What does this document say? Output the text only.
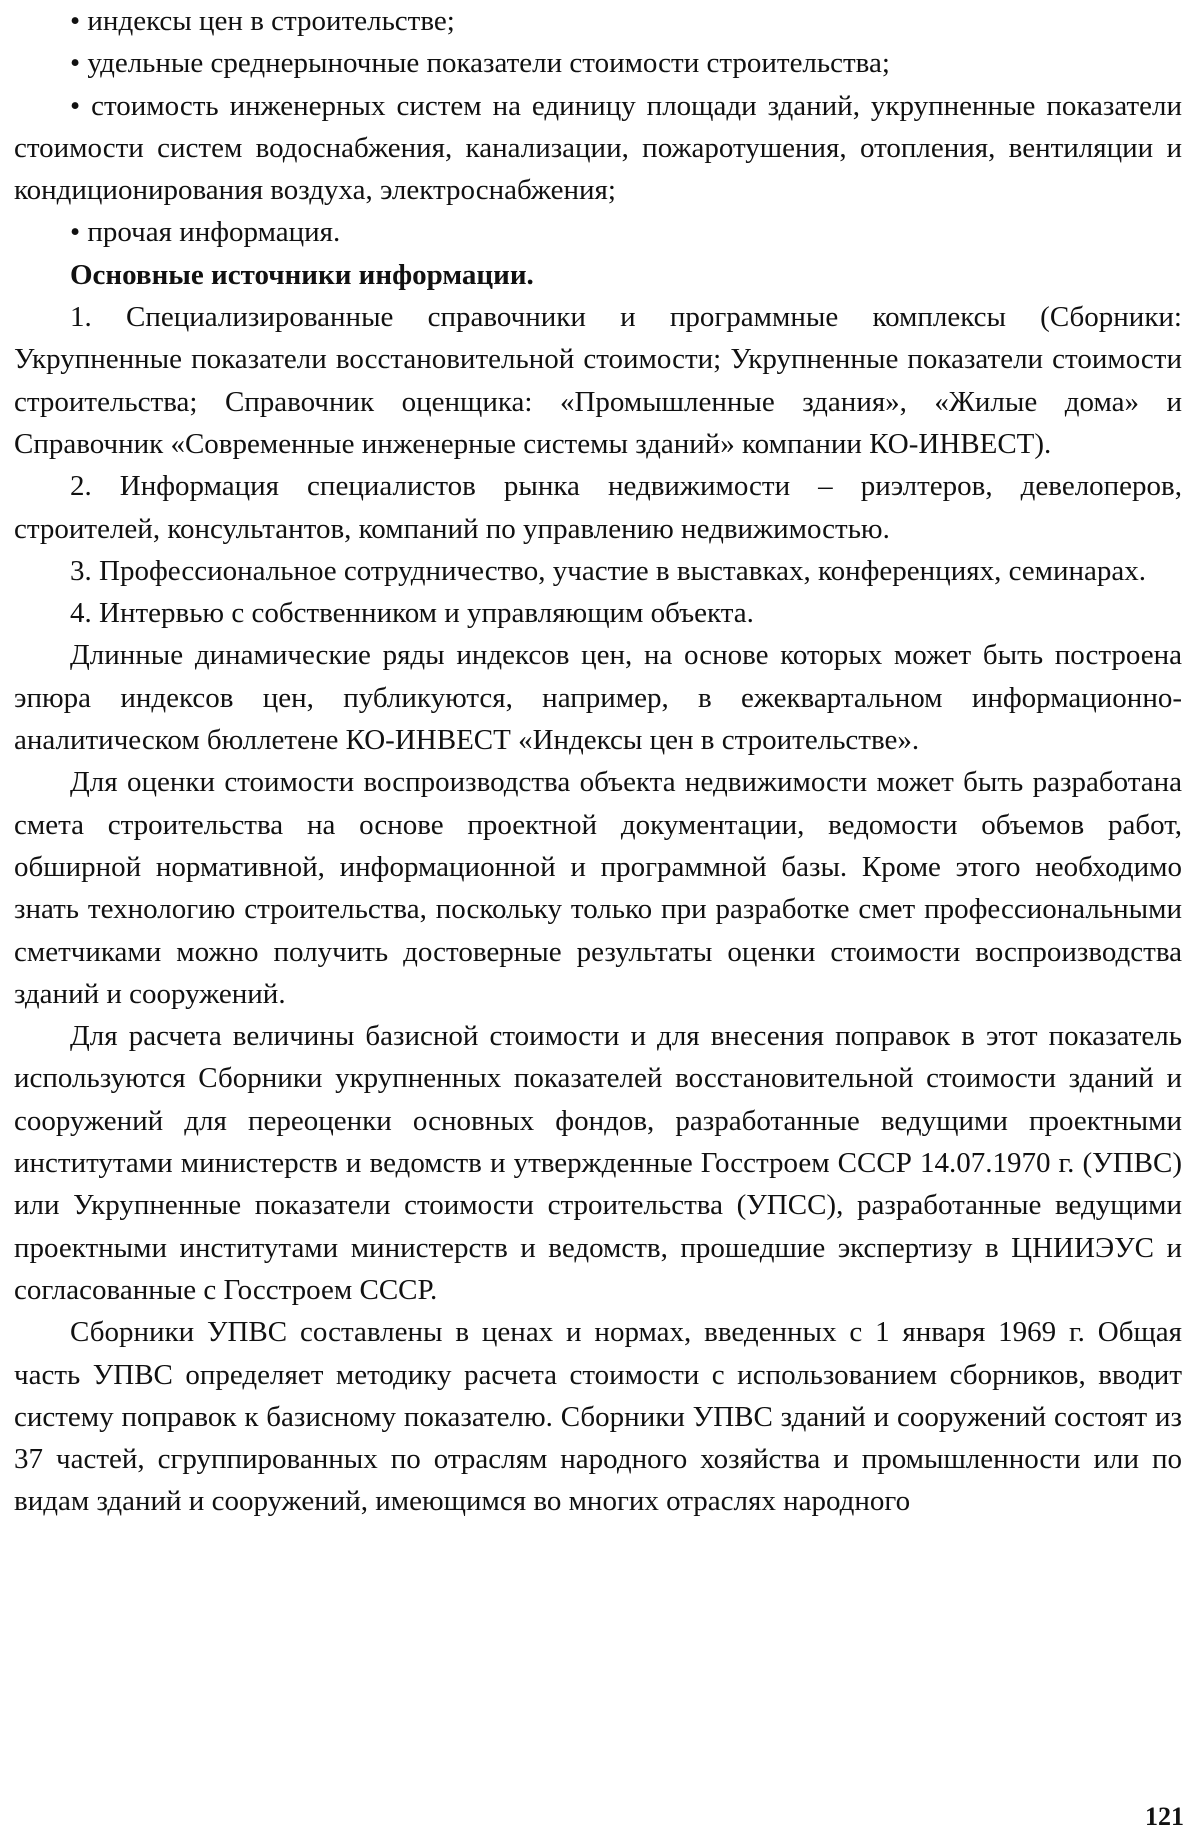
• индексы цен в строительстве;

• удельные среднерыночные показатели стоимости строительства;

• стоимость инженерных систем на единицу площади зданий, укрупненные показатели стоимости систем водоснабжения, канализации, пожаротушения, отопления, вентиляции и кондиционирования воздуха, электроснабжения;

• прочая информация.

Основные источники информации.

1. Специализированные справочники и программные комплексы (Сборники: Укрупненные показатели восстановительной стоимости; Укрупненные показатели стоимости строительства; Справочник оценщика: «Промышленные здания», «Жилые дома» и Справочник «Современные инженерные системы зданий» компании КО-ИНВЕСТ).

2. Информация специалистов рынка недвижимости – риэлтеров, девелоперов, строителей, консультантов, компаний по управлению недвижимостью.

3. Профессиональное сотрудничество, участие в выставках, конференциях, семинарах.

4. Интервью с собственником и управляющим объекта.

Длинные динамические ряды индексов цен, на основе которых может быть построена эпюра индексов цен, публикуются, например, в ежеквартальном информационно-аналитическом бюллетене КО-ИНВЕСТ «Индексы цен в строительстве».

Для оценки стоимости воспроизводства объекта недвижимости может быть разработана смета строительства на основе проектной документации, ведомости объемов работ, обширной нормативной, информационной и программной базы. Кроме этого необходимо знать технологию строительства, поскольку только при разработке смет профессиональными сметчиками можно получить достоверные результаты оценки стоимости воспроизводства зданий и сооружений.

Для расчета величины базисной стоимости и для внесения поправок в этот показатель используются Сборники укрупненных показателей восстановительной стоимости зданий и сооружений для переоценки основных фондов, разработанные ведущими проектными институтами министерств и ведомств и утвержденные Госстроем СССР 14.07.1970 г. (УПВС) или Укрупненные показатели стоимости строительства (УПСС), разработанные ведущими проектными институтами министерств и ведомств, прошедшие экспертизу в ЦНИИЭУС и согласованные с Госстроем СССР.

Сборники УПВС составлены в ценах и нормах, введенных с 1 января 1969 г. Общая часть УПВС определяет методику расчета стоимости с использованием сборников, вводит систему поправок к базисному показателю. Сборники УПВС зданий и сооружений состоят из 37 частей, сгруппированных по отраслям народного хозяйства и промышленности или по видам зданий и сооружений, имеющимся во многих отраслях народного

121
